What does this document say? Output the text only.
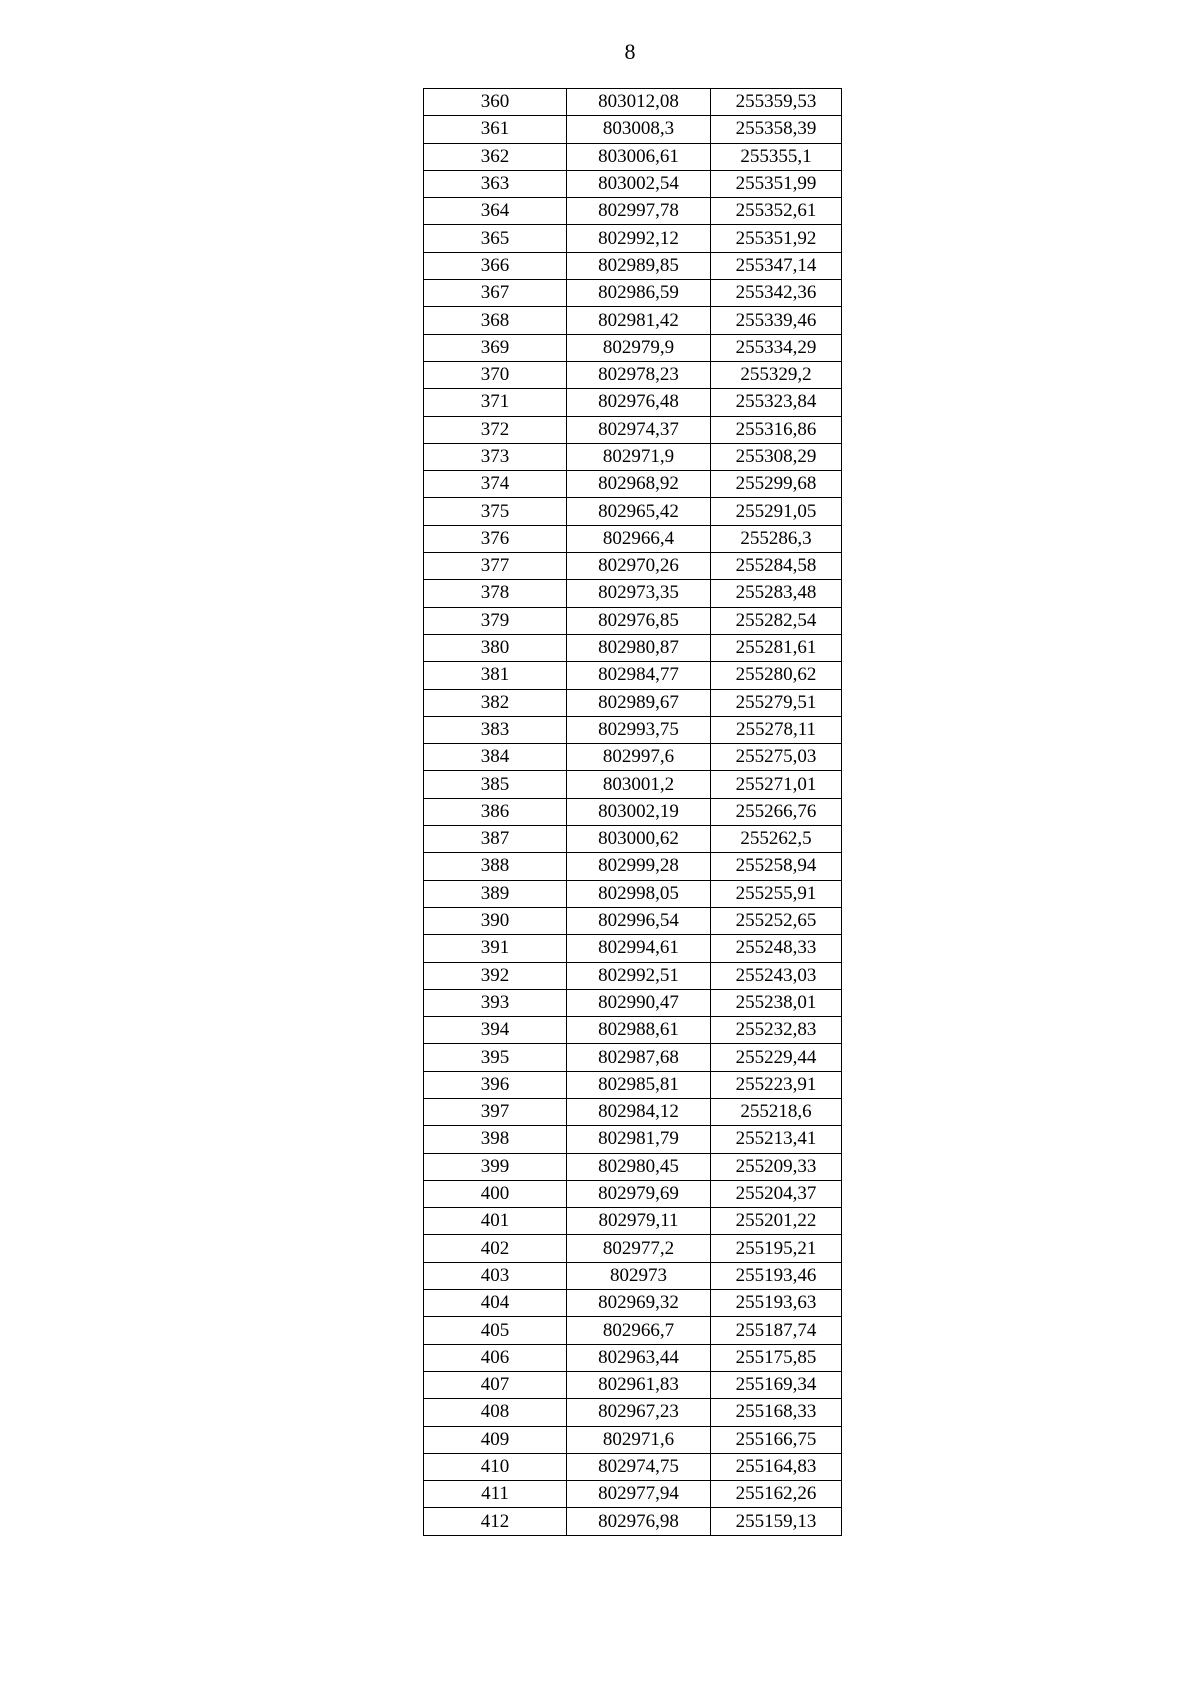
8
360	803012,08	255359,53
361	803008,3	255358,39
362	803006,61	255355,1
363	803002,54	255351,99
364	802997,78	255352,61
365	802992,12	255351,92
366	802989,85	255347,14
367	802986,59	255342,36
368	802981,42	255339,46
369	802979,9	255334,29
370	802978,23	255329,2
371	802976,48	255323,84
372	802974,37	255316,86
373	802971,9	255308,29
374	802968,92	255299,68
375	802965,42	255291,05
376	802966,4	255286,3
377	802970,26	255284,58
378	802973,35	255283,48
379	802976,85	255282,54
380	802980,87	255281,61
381	802984,77	255280,62
382	802989,67	255279,51
383	802993,75	255278,11
384	802997,6	255275,03
385	803001,2	255271,01
386	803002,19	255266,76
387	803000,62	255262,5
388	802999,28	255258,94
389	802998,05	255255,91
390	802996,54	255252,65
391	802994,61	255248,33
392	802992,51	255243,03
393	802990,47	255238,01
394	802988,61	255232,83
395	802987,68	255229,44
396	802985,81	255223,91
397	802984,12	255218,6
398	802981,79	255213,41
399	802980,45	255209,33
400	802979,69	255204,37
401	802979,11	255201,22
402	802977,2	255195,21
403	802973	255193,46
404	802969,32	255193,63
405	802966,7	255187,74
406	802963,44	255175,85
407	802961,83	255169,34
408	802967,23	255168,33
409	802971,6	255166,75
410	802974,75	255164,83
411	802977,94	255162,26
412	802976,98	255159,13
